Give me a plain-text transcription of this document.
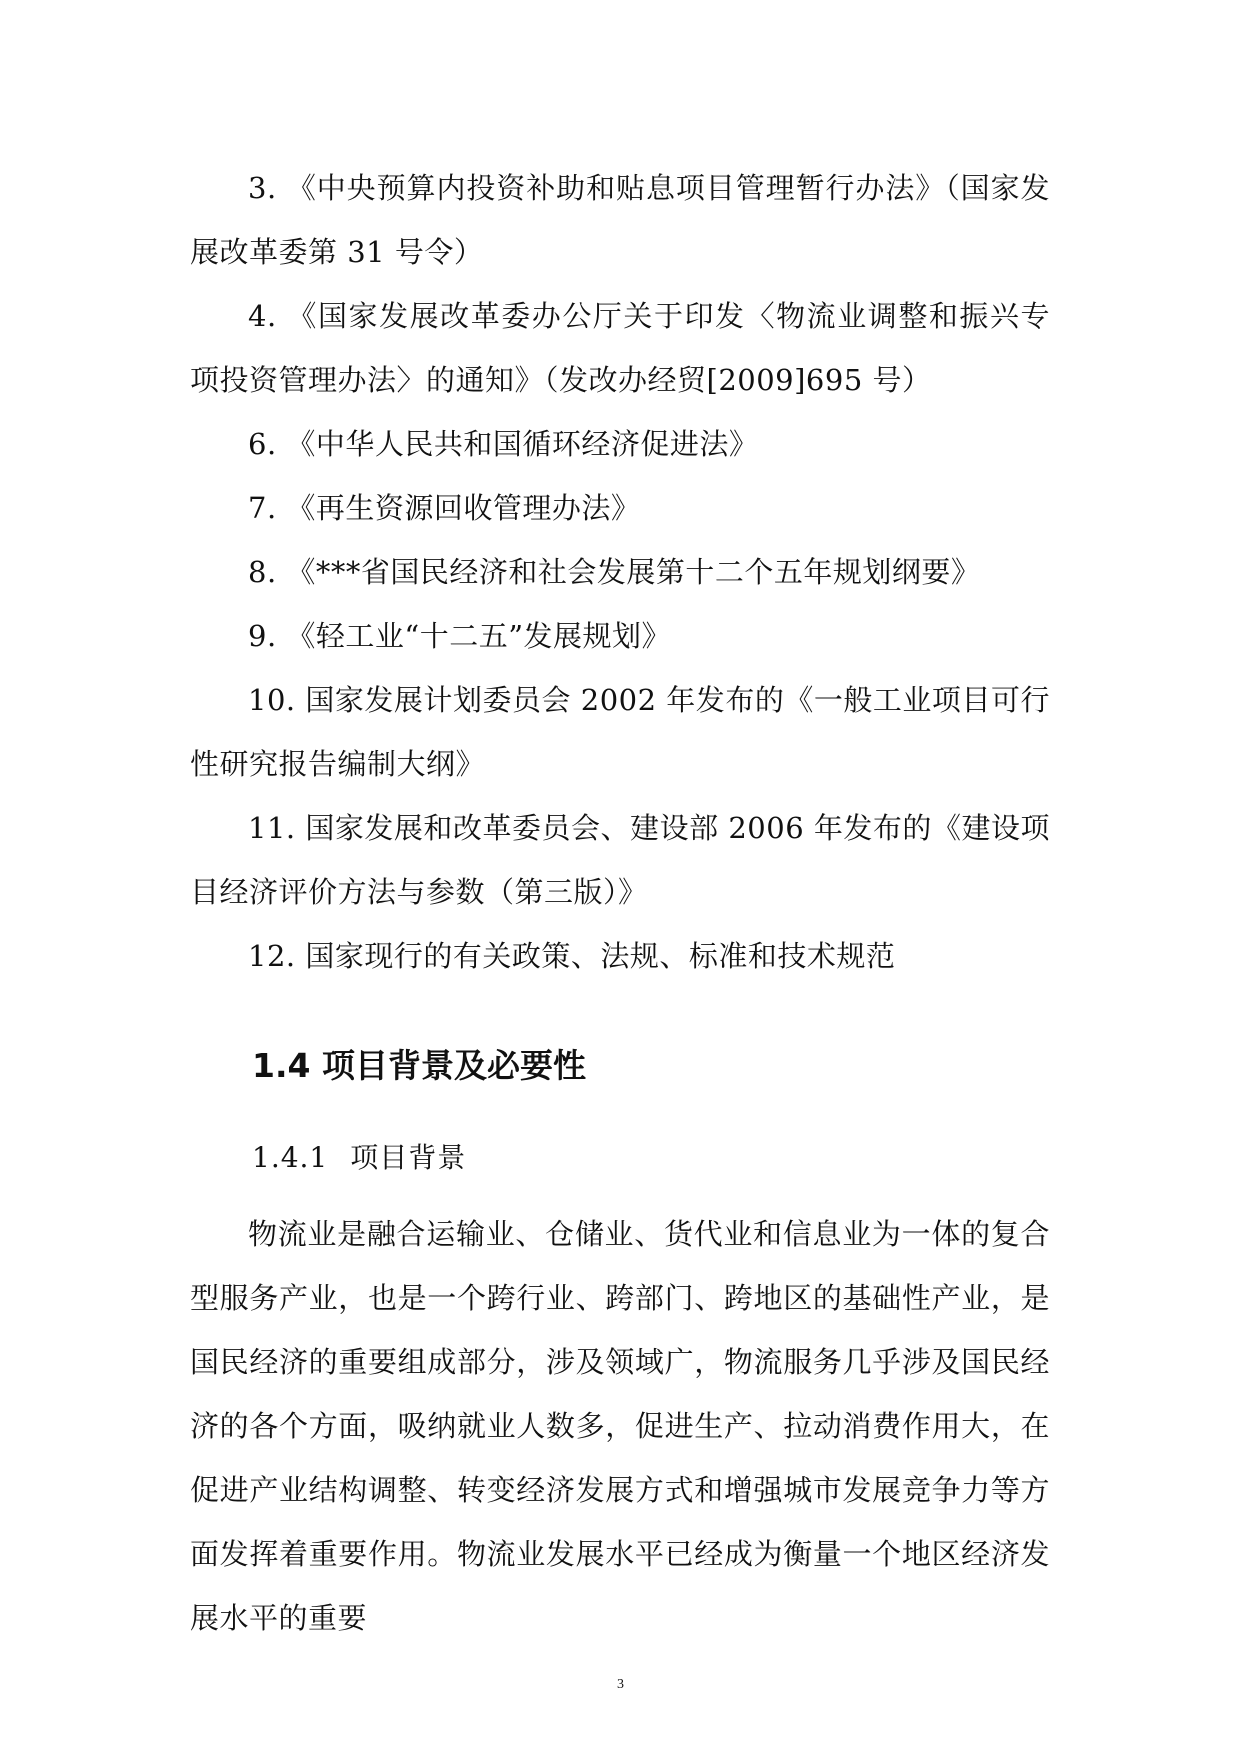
3. 《中央预算内投资补助和贴息项目管理暂行办法》（国家发展改革委第 31 号令）
4. 《国家发展改革委办公厅关于印发〈物流业调整和振兴专项投资管理办法〉的通知》（发改办经贸[2009]695 号）
6. 《中华人民共和国循环经济促进法》
7. 《再生资源回收管理办法》
8. 《***省国民经济和社会发展第十二个五年规划纲要》
9. 《轻工业“十二五”发展规划》
10. 国家发展计划委员会 2002 年发布的《一般工业项目可行性研究报告编制大纲》
11. 国家发展和改革委员会、建设部 2006 年发布的《建设项目经济评价方法与参数（第三版）》
12. 国家现行的有关政策、法规、标准和技术规范
1.4 项目背景及必要性
1.4.1 项目背景

物流业是融合运输业、仓储业、货代业和信息业为一体的复合型服务产业，也是一个跨行业、跨部门、跨地区的基础性产业，是国民经济的重要组成部分，涉及领域广，物流服务几乎涉及国民经济的各个方面，吸纳就业人数多，促进生产、拉动消费作用大，在促进产业结构调整、转变经济发展方式和增强城市发展竞争力等方面发挥着重要作用。物流业发展水平已经成为衡量一个地区经济发展水平的重要

3
